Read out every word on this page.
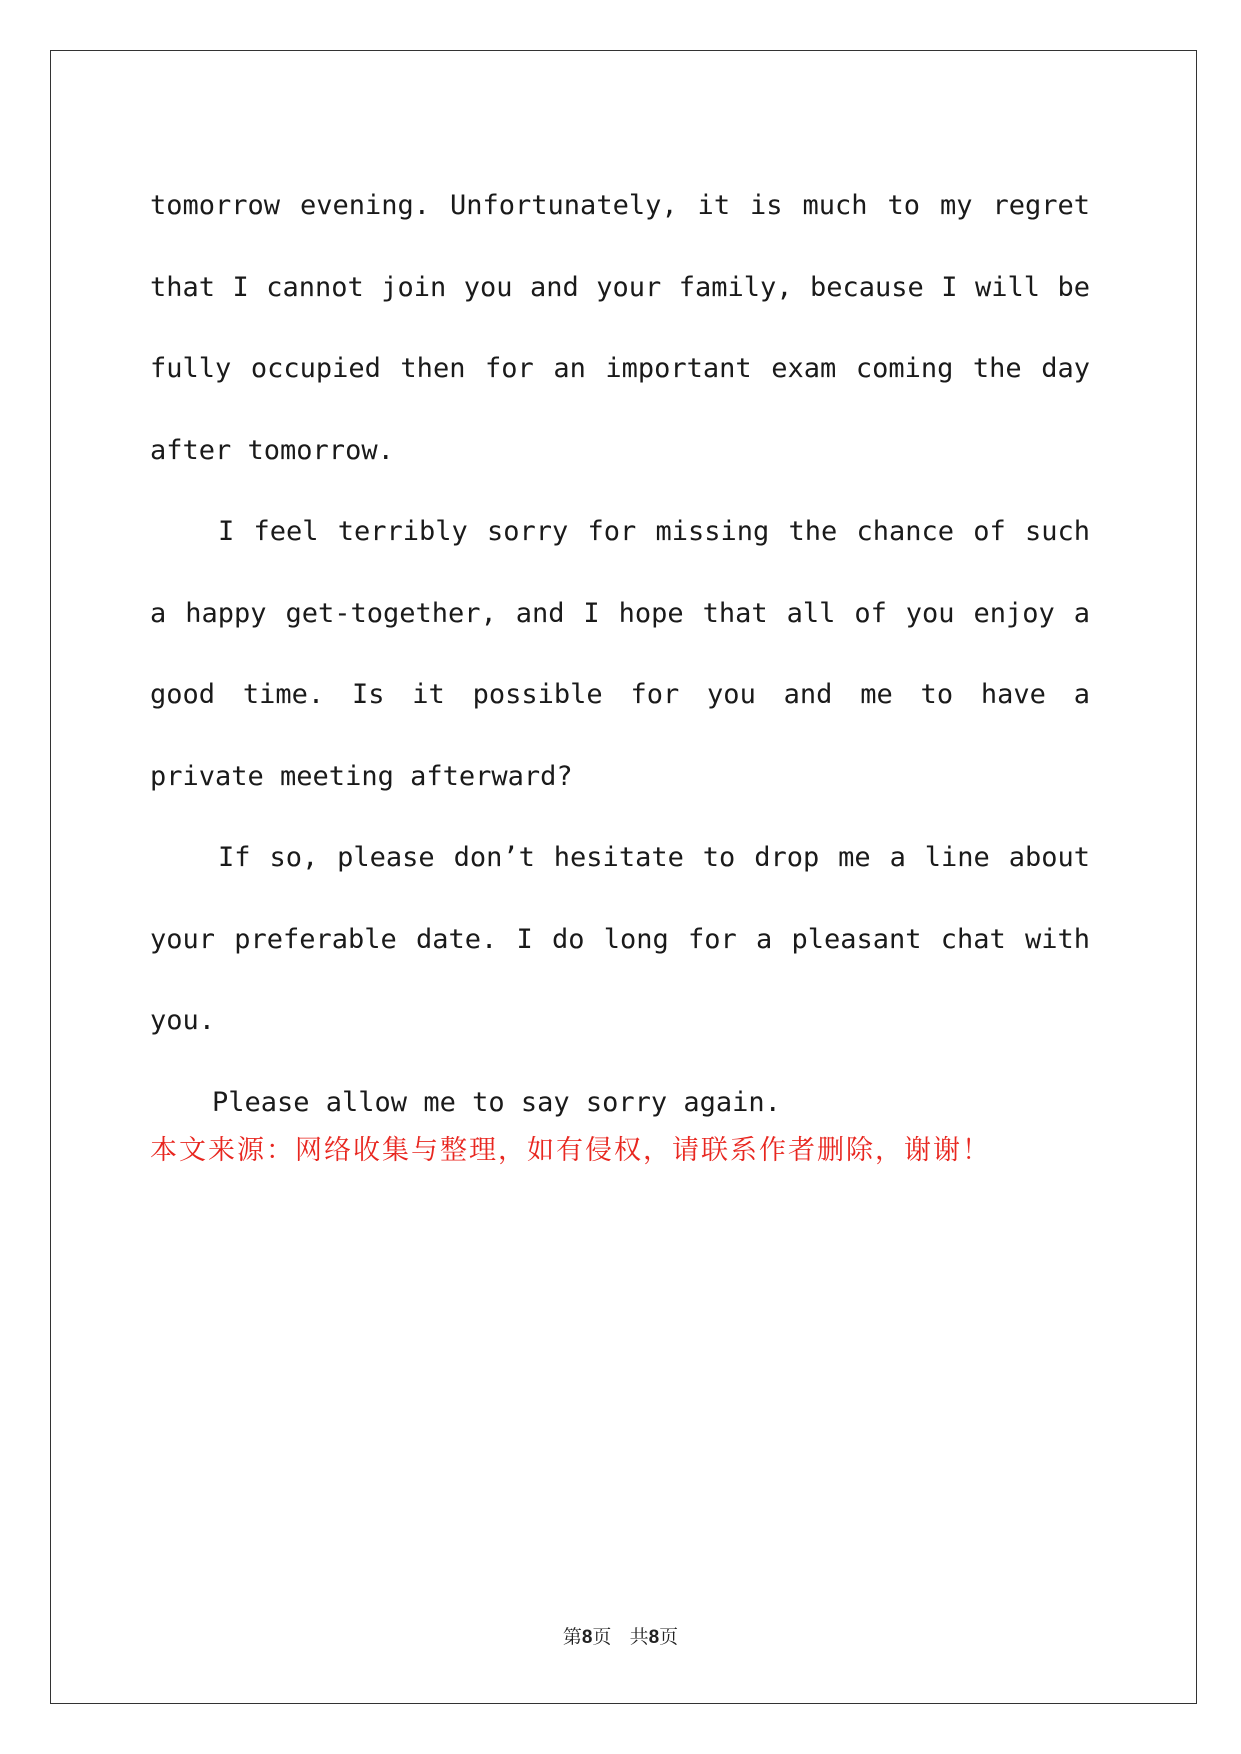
tomorrow evening. Unfortunately, it is much to my regret that I cannot join you and your family, because I will be fully occupied then for an important exam coming the day after tomorrow.

I feel terribly sorry for missing the chance of such a happy get-together, and I hope that all of you enjoy a good time. Is it possible for you and me to have a private meeting afterward?

If so, please don’t hesitate to drop me a line about your preferable date. I do long for a pleasant chat with you.

Please allow me to say sorry again.

本文来源：网络收集与整理，如有侵权，请联系作者删除，谢谢！
第8页 共8页
